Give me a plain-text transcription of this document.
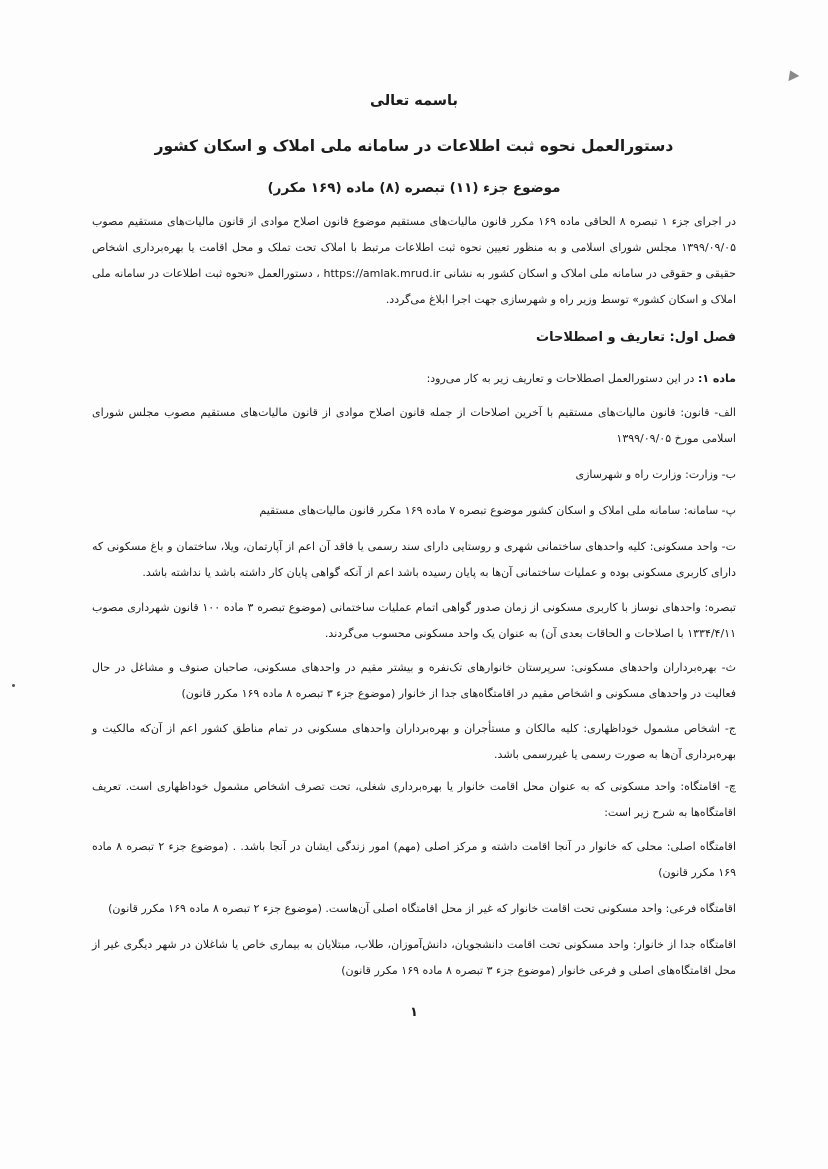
باسمه تعالی
دستورالعمل نحوه ثبت اطلاعات در سامانه ملی املاک و اسکان کشور
موضوع جزء (۱۱) تبصره (۸) ماده (۱۶۹ مکرر)

در اجرای جزء ۱ تبصره ۸ الحاقی ماده ۱۶۹ مکرر قانون مالیات‌های مستقیم موضوع قانون اصلاح موادی از قانون مالیات‌های مستقیم مصوب ۱۳۹۹/۰۹/۰۵ مجلس شورای اسلامی و به منظور تعیین نحوه ثبت اطلاعات مرتبط با املاک تحت تملک و محل اقامت یا بهره‌برداری اشخاص حقیقی و حقوقی در سامانه ملی املاک و اسکان کشور به نشانی https://amlak.mrud.ir ، دستورالعمل «نحوه ثبت اطلاعات در سامانه ملی املاک و اسکان کشور» توسط وزیر راه و شهرسازی جهت اجرا ابلاغ می‌گردد.

فصل اول: تعاریف و اصطلاحات

ماده ۱: در این دستورالعمل اصطلاحات و تعاریف زیر به کار می‌رود:

الف- قانون: قانون مالیات‌های مستقیم با آخرین اصلاحات از جمله قانون اصلاح موادی از قانون مالیات‌های مستقیم مصوب مجلس شورای اسلامی مورخ ۱۳۹۹/۰۹/۰۵

ب- وزارت: وزارت راه و شهرسازی

پ- سامانه: سامانه ملی املاک و اسکان کشور موضوع تبصره ۷ ماده ۱۶۹ مکرر قانون مالیات‌های مستقیم

ت- واحد مسکونی: کلیه واحدهای ساختمانی شهری و روستایی دارای سند رسمی یا فاقد آن اعم از آپارتمان، ویلا، ساختمان و باغ مسکونی که دارای کاربری مسکونی بوده و عملیات ساختمانی آن‌ها به پایان رسیده باشد اعم از آنکه گواهی پایان کار داشته باشد یا نداشته باشد.

تبصره: واحدهای نوساز با کاربری مسکونی از زمان صدور گواهی اتمام عملیات ساختمانی (موضوع تبصره ۳ ماده ۱۰۰ قانون شهرداری مصوب ۱۳۳۴/۴/۱۱ با اصلاحات و الحاقات بعدی آن) به عنوان یک واحد مسکونی محسوب می‌گردند.

ث- بهره‌برداران واحدهای مسکونی: سرپرستان خانوارهای تک‌نفره و بیشتر مقیم در واحدهای مسکونی، صاحبان صنوف و مشاغل در حال فعالیت در واحدهای مسکونی و اشخاص مقیم در اقامتگاه‌های جدا از خانوار (موضوع جزء ۳ تبصره ۸ ماده ۱۶۹ مکرر قانون)

ج- اشخاص مشمول خوداظهاری: کلیه مالکان و مستأجران و بهره‌برداران واحدهای مسکونی در تمام مناطق کشور اعم از آن‌که مالکیت و بهره‌برداری آن‌ها به صورت رسمی یا غیررسمی باشد.

چ- اقامتگاه: واحد مسکونی که به عنوان محل اقامت خانوار یا بهره‌برداری شغلی، تحت تصرف اشخاص مشمول خوداظهاری است. تعریف اقامتگاه‌ها به شرح زیر است:

اقامتگاه اصلی: محلی که خانوار در آنجا اقامت داشته و مرکز اصلی (مهم) امور زندگی ایشان در آنجا باشد. . (موضوع جزء ۲ تبصره ۸ ماده ۱۶۹ مکرر قانون)

اقامتگاه فرعی: واحد مسکونی تحت اقامت خانوار که غیر از محل اقامتگاه اصلی آن‌هاست. (موضوع جزء ۲ تبصره ۸ ماده ۱۶۹ مکرر قانون)

اقامتگاه جدا از خانوار: واحد مسکونی تحت اقامت دانشجویان، دانش‌آموزان، طلاب، مبتلایان به بیماری خاص یا شاغلان در شهر دیگری غیر از محل اقامتگاه‌های اصلی و فرعی خانوار (موضوع جزء ۳ تبصره ۸ ماده ۱۶۹ مکرر قانون)

۱
